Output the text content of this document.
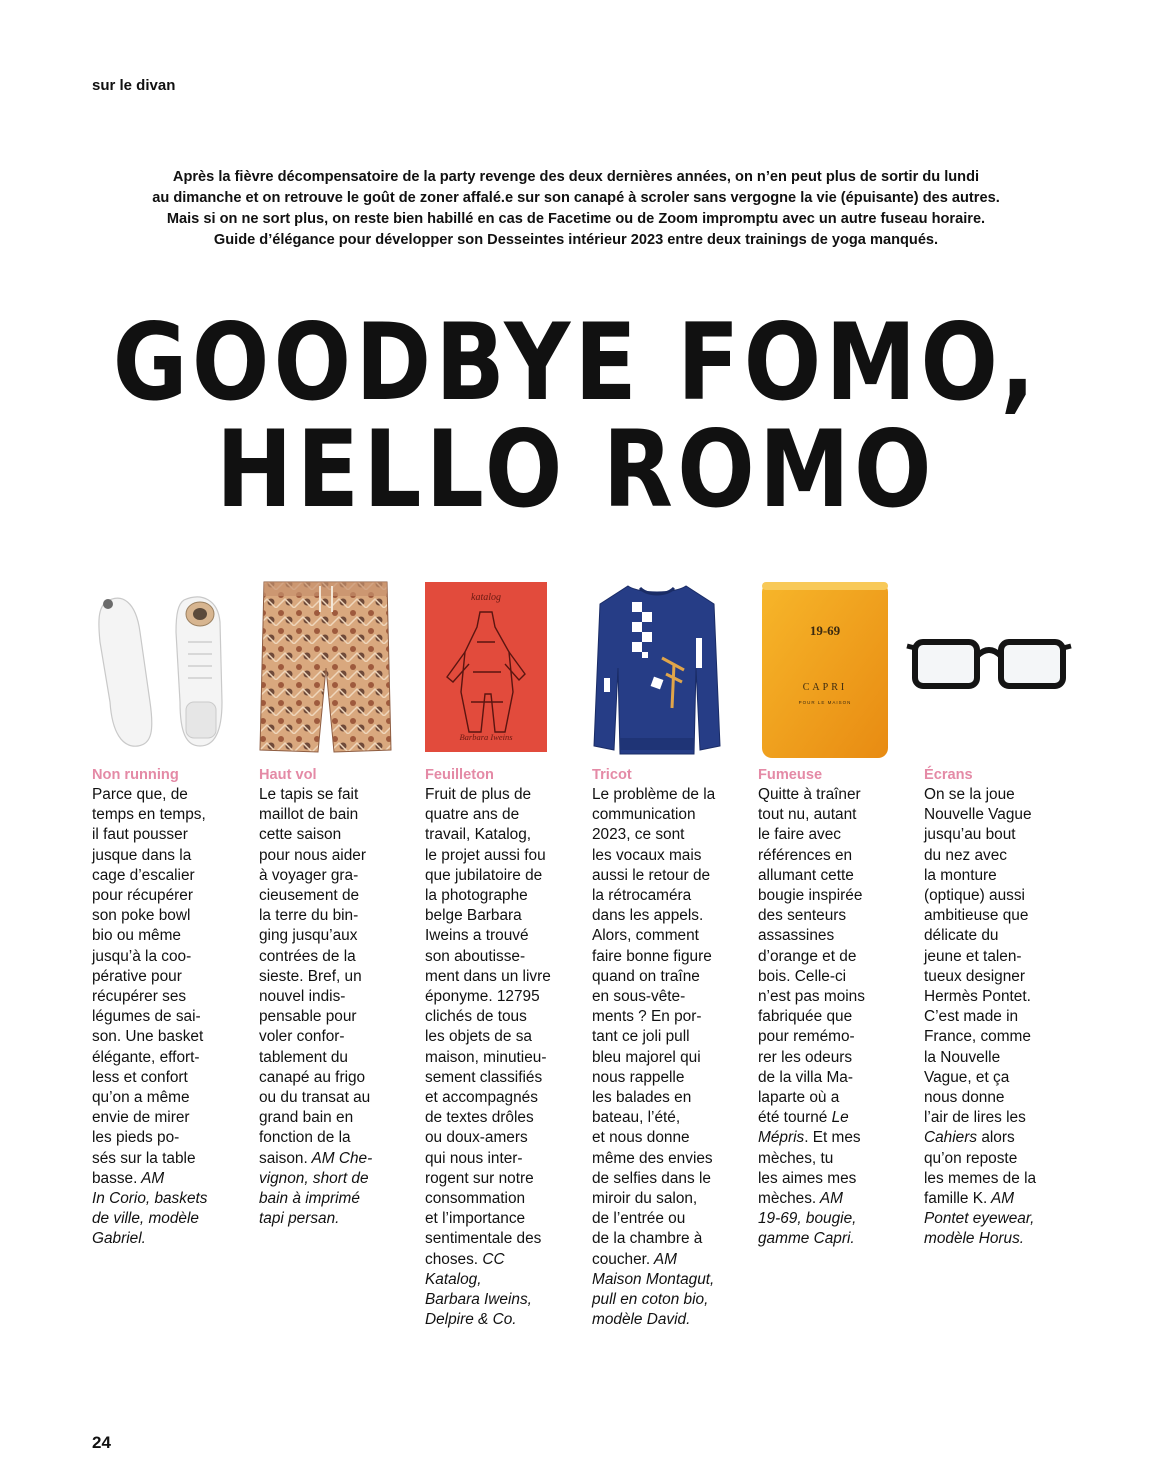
sur le divan
Après la fièvre décompensatoire de la party revenge des deux dernières années, on n’en peut plus de sortir du lundi
au dimanche et on retrouve le goût de zoner affalé.e sur son canapé à scroler sans vergogne la vie (épuisante) des autres.
Mais si on ne sort plus, on reste bien habillé en cas de Facetime ou de Zoom impromptu avec un autre fuseau horaire.
Guide d’élégance pour développer son Desseintes intérieur 2023 entre deux trainings de yoga manqués.
GOODBYE FOMO,
HELLO ROMO
katalog
Barbara Iweins
19-69
CAPRI
POUR LE MAISON
Non running
Parce que, de
temps en temps,
il faut pousser
jusque dans la
cage d’escalier
pour récupérer
son poke bowl
bio ou même
jusqu’à la coo-
pérative pour
récupérer ses
légumes de sai-
son. Une basket
élégante, effort-
less et confort
qu’on a même
envie de mirer
les pieds po-
sés sur la table
basse. AM
In Corio, baskets
de ville, modèle
Gabriel.
Haut vol
Le tapis se fait
maillot de bain
cette saison
pour nous aider
à voyager gra-
cieusement de
la terre du bin-
ging jusqu’aux
contrées de la
sieste. Bref, un
nouvel indis-
pensable pour
voler confor-
tablement du
canapé au frigo
ou du transat au
grand bain en
fonction de la
saison. AM Che-
vignon, short de
bain à imprimé
tapi persan.
Feuilleton
Fruit de plus de
quatre ans de
travail, Katalog,
le projet aussi fou
que jubilatoire de
la photographe
belge Barbara
Iweins a trouvé
son aboutisse-
ment dans un livre
éponyme. 12795
clichés de tous
les objets de sa
maison, minutieu-
sement classifiés
et accompagnés
de textes drôles
ou doux-amers
qui nous inter-
rogent sur notre
consommation
et l’importance
sentimentale des
choses. CC
Katalog,
Barbara Iweins,
Delpire & Co.
Tricot
Le problème de la
communication
2023, ce sont
les vocaux mais
aussi le retour de
la rétrocaméra
dans les appels.
Alors, comment
faire bonne figure
quand on traîne
en sous-vête-
ments ? En por-
tant ce joli pull
bleu majorel qui
nous rappelle
les balades en
bateau, l’été,
et nous donne
même des envies
de selfies dans le
miroir du salon,
de l’entrée ou
de la chambre à
coucher. AM
Maison Montagut,
pull en coton bio,
modèle David.
Fumeuse
Quitte à traîner
tout nu, autant
le faire avec
références en
allumant cette
bougie inspirée
des senteurs
assassines
d’orange et de
bois. Celle-ci
n’est pas moins
fabriquée que
pour remémo-
rer les odeurs
de la villa Ma-
laparte où a
été tourné Le
Mépris. Et mes
mèches, tu
les aimes mes
mèches. AM
19-69, bougie,
gamme Capri.
Écrans
On se la joue
Nouvelle Vague
jusqu’au bout
du nez avec
la monture
(optique) aussi
ambitieuse que
délicate du
jeune et talen-
tueux designer
Hermès Pontet.
C’est made in
France, comme
la Nouvelle
Vague, et ça
nous donne
l’air de lires les
Cahiers alors
qu’on reposte
les memes de la
famille K. AM
Pontet eyewear,
modèle Horus.
24
